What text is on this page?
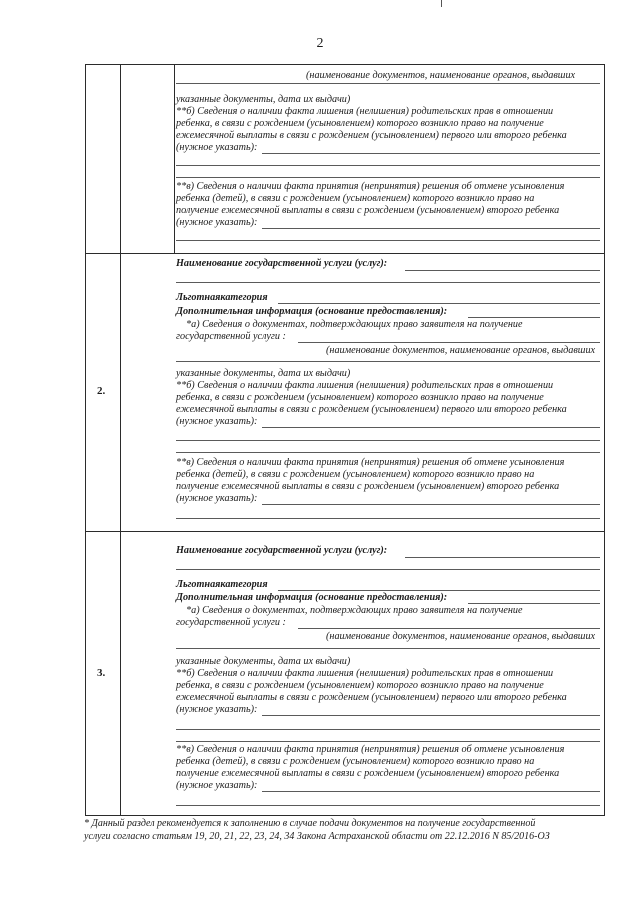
2
(наименование документов, наименование органов, выдавших
указанные документы, дата их выдачи)
**б) Сведения о наличии факта лишения (нелишения) родительских прав в отношении
ребенка, в связи с рождением (усыновлением) которого возникло право на получение
ежемесячной выплаты в связи с рождением (усыновлением) первого или второго ребенка
(нужное указать):
**в) Сведения о наличии факта принятия (непринятия) решения об отмене усыновления
ребенка (детей), в связи с рождением (усыновлением) которого возникло право на
получение ежемесячной выплаты в связи с рождением (усыновлением) второго ребенка
(нужное указать):
2.
Наименование государственной услуги (услуг):
Льготнаякатегория
Дополнительная информация (основание предоставления):
*а) Сведения о документах, подтверждающих право заявителя на получение
государственной услуги :
(наименование документов, наименование органов, выдавших
указанные документы, дата их выдачи)
**б) Сведения о наличии факта лишения (нелишения) родительских прав в отношении
ребенка, в связи с рождением (усыновлением) которого возникло право на получение
ежемесячной выплаты в связи с рождением (усыновлением) первого или второго ребенка
(нужное указать):
**в) Сведения о наличии факта принятия (непринятия) решения об отмене усыновления
ребенка (детей), в связи с рождением (усыновлением) которого возникло право на
получение ежемесячной выплаты в связи с рождением (усыновлением) второго ребенка
(нужное указать):
3.
Наименование государственной услуги (услуг):
Льготнаякатегория
Дополнительная информация (основание предоставления):
*а) Сведения о документах, подтверждающих право заявителя на получение
государственной услуги :
(наименование документов, наименование органов, выдавших
указанные документы, дата их выдачи)
**б) Сведения о наличии факта лишения (нелишения) родительских прав в отношении
ребенка, в связи с рождением (усыновлением) которого возникло право на получение
ежемесячной выплаты в связи с рождением (усыновлением) первого или второго ребенка
(нужное указать):
**в) Сведения о наличии факта принятия (непринятия) решения об отмене усыновления
ребенка (детей), в связи с рождением (усыновлением) которого возникло право на
получение ежемесячной выплаты в связи с рождением (усыновлением) второго ребенка
(нужное указать):
* Данный раздел рекомендуется к заполнению в случае подачи документов на получение государственной
услуги согласно статьям 19, 20, 21, 22, 23, 24, 34 Закона Астраханской области от 22.12.2016 N 85/2016-ОЗ
